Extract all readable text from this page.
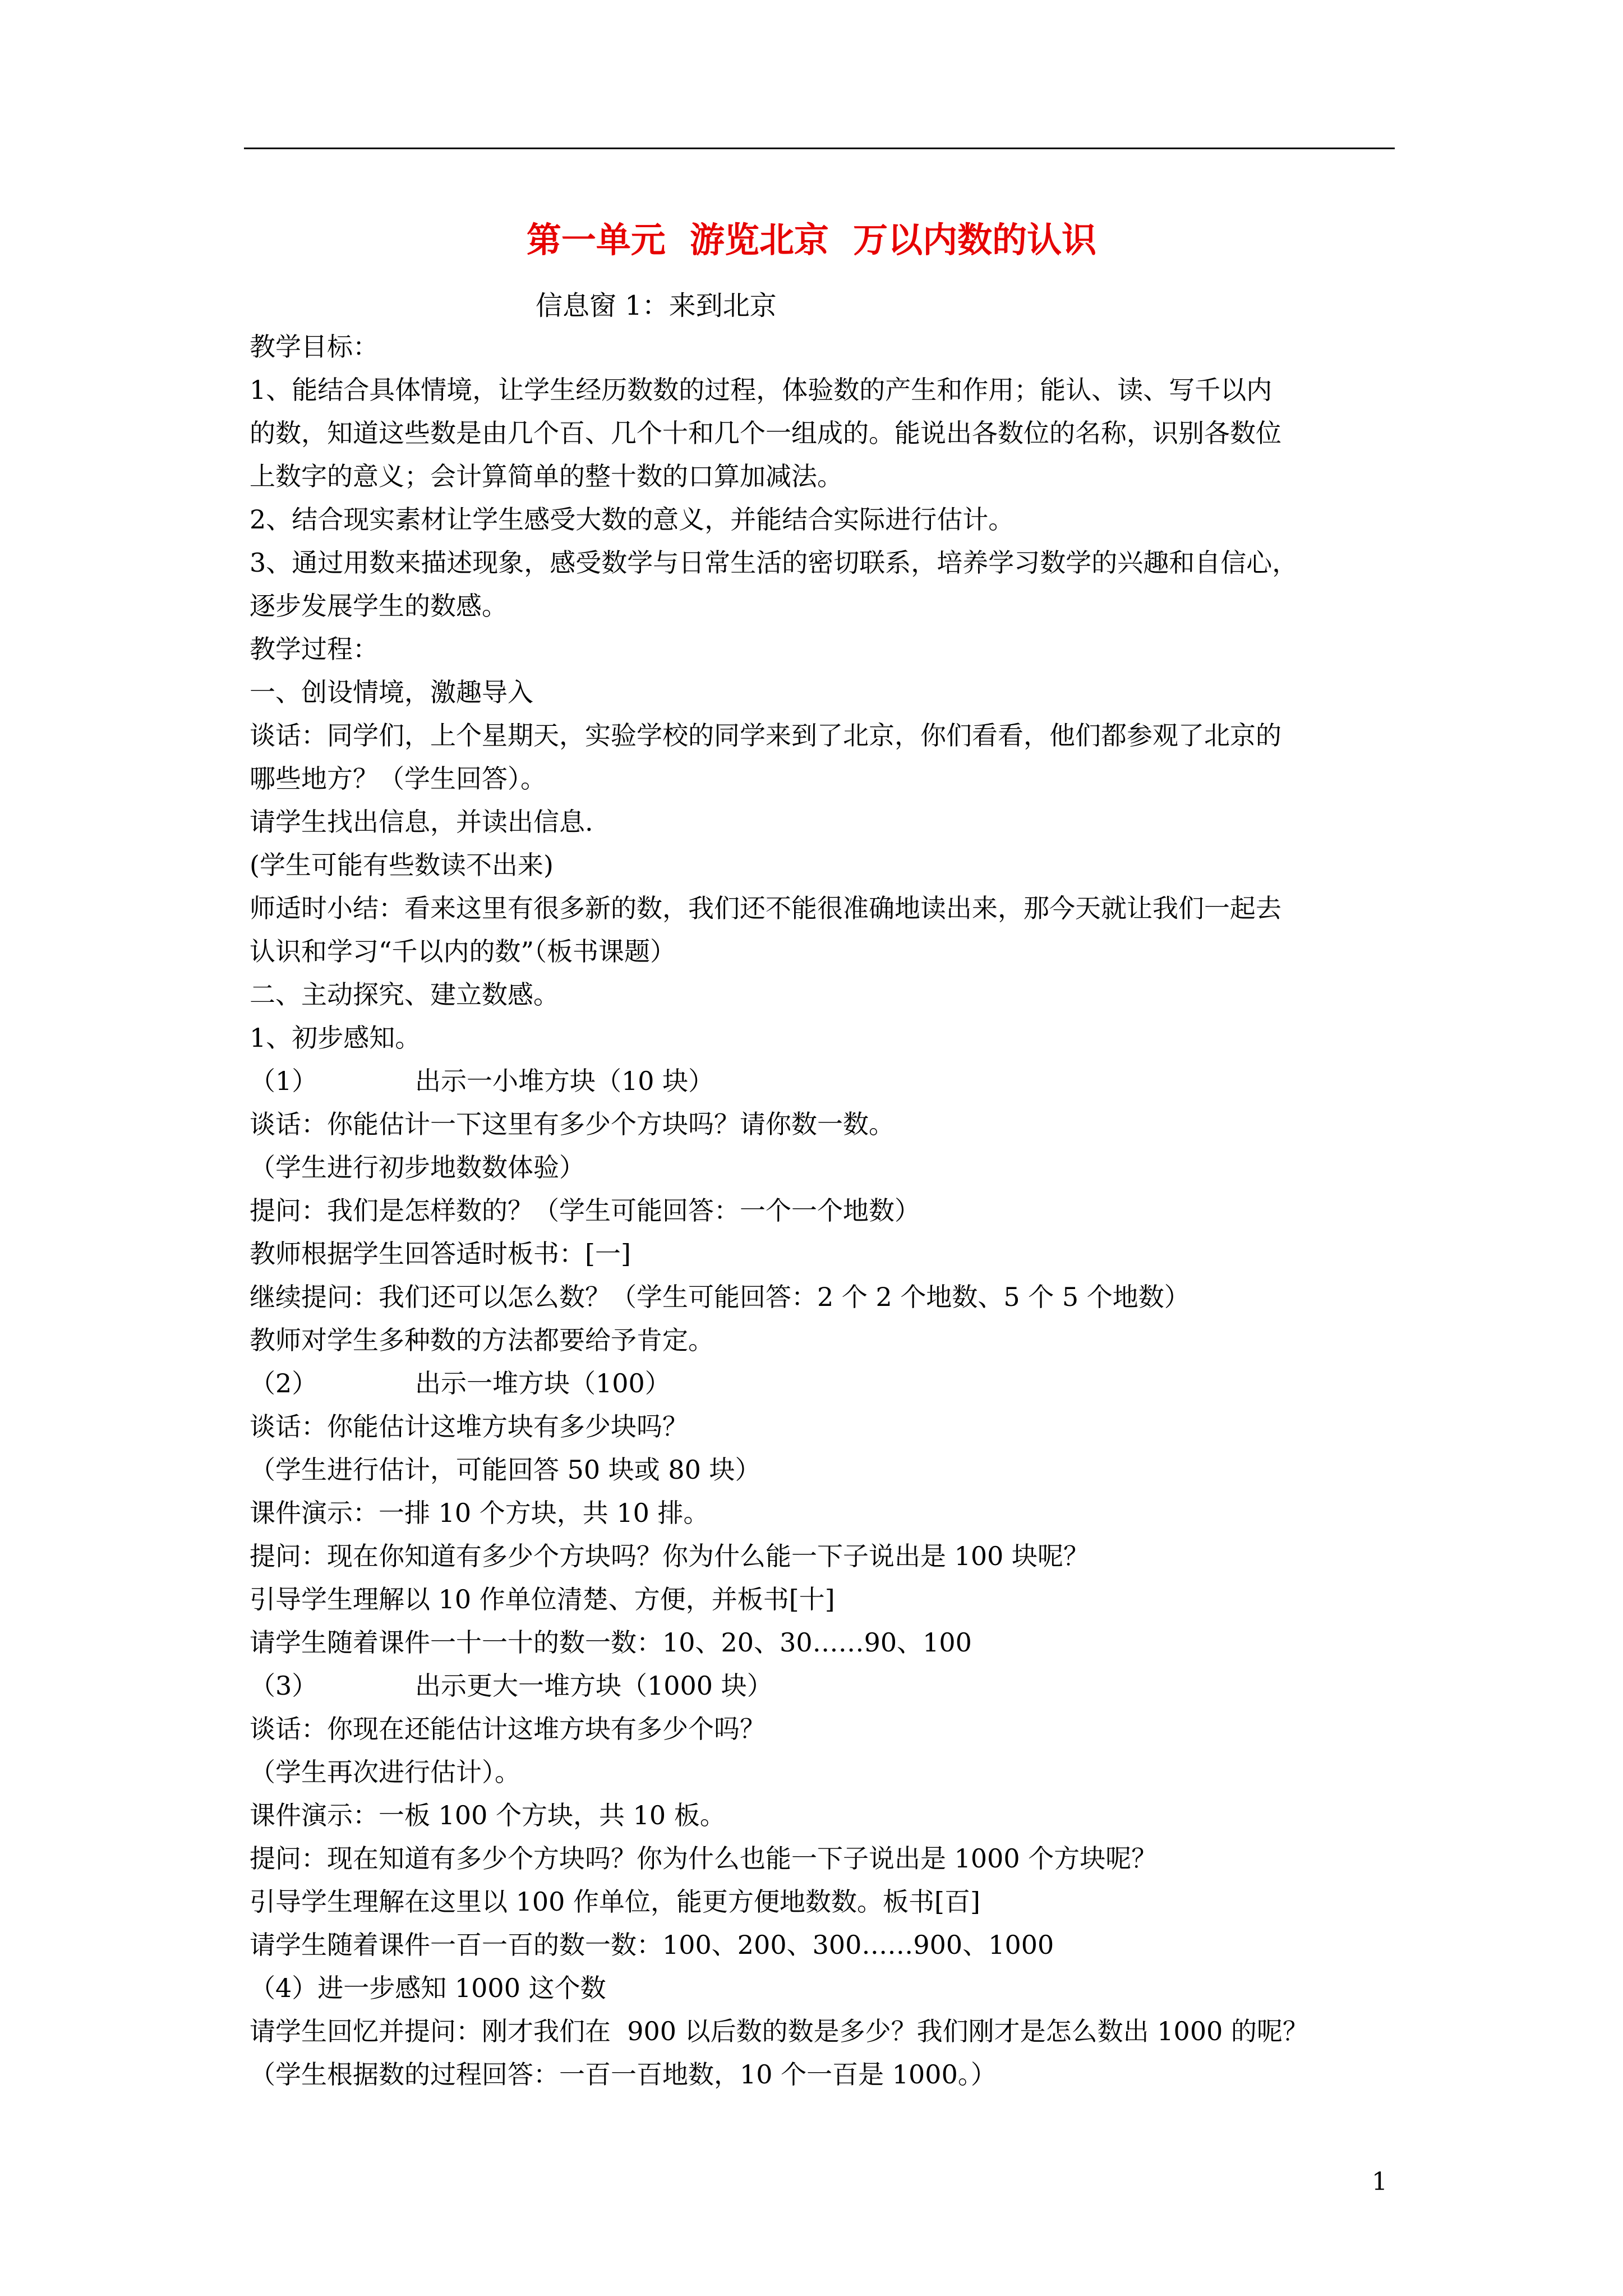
第一单元  游览北京  万以内数的认识
信息窗 1：来到北京
教学目标：
1、能结合具体情境，让学生经历数数的过程，体验数的产生和作用；能认、读、写千以内
的数，知道这些数是由几个百、几个十和几个一组成的。能说出各数位的名称，识别各数位
上数字的意义；会计算简单的整十数的口算加减法。
2、结合现实素材让学生感受大数的意义，并能结合实际进行估计。
3、通过用数来描述现象，感受数学与日常生活的密切联系，培养学习数学的兴趣和自信心，
逐步发展学生的数感。
教学过程：
一、创设情境，激趣导入
谈话：同学们，上个星期天，实验学校的同学来到了北京，你们看看，他们都参观了北京的
哪些地方？（学生回答）。
请学生找出信息，并读出信息.
(学生可能有些数读不出来)
师适时小结：看来这里有很多新的数，我们还不能很准确地读出来，那今天就让我们一起去
认识和学习“千以内的数”（板书课题）
二、主动探究、建立数感。
1、初步感知。
（1）	出示一小堆方块（10 块）
谈话：你能估计一下这里有多少个方块吗？请你数一数。
（学生进行初步地数数体验）
提问：我们是怎样数的？（学生可能回答：一个一个地数）
教师根据学生回答适时板书：[一]
继续提问：我们还可以怎么数？（学生可能回答：2 个 2 个地数、5 个 5 个地数）
教师对学生多种数的方法都要给予肯定。
（2）	出示一堆方块（100）
谈话：你能估计这堆方块有多少块吗？
（学生进行估计，可能回答 50 块或 80 块）
课件演示：一排 10 个方块，共 10 排。
提问：现在你知道有多少个方块吗？你为什么能一下子说出是 100 块呢？
引导学生理解以 10 作单位清楚、方便，并板书[十]
请学生随着课件一十一十的数一数：10、20、30……90、100
（3）	出示更大一堆方块（1000 块）
谈话：你现在还能估计这堆方块有多少个吗？
（学生再次进行估计）。
课件演示：一板 100 个方块，共 10 板。
提问：现在知道有多少个方块吗？你为什么也能一下子说出是 1000 个方块呢？
引导学生理解在这里以 100 作单位，能更方便地数数。板书[百]
请学生随着课件一百一百的数一数：100、200、300……900、1000
（4）进一步感知 1000 这个数
请学生回忆并提问：刚才我们在  900 以后数的数是多少？我们刚才是怎么数出 1000 的呢？
（学生根据数的过程回答：一百一百地数，10 个一百是 1000。）
1
